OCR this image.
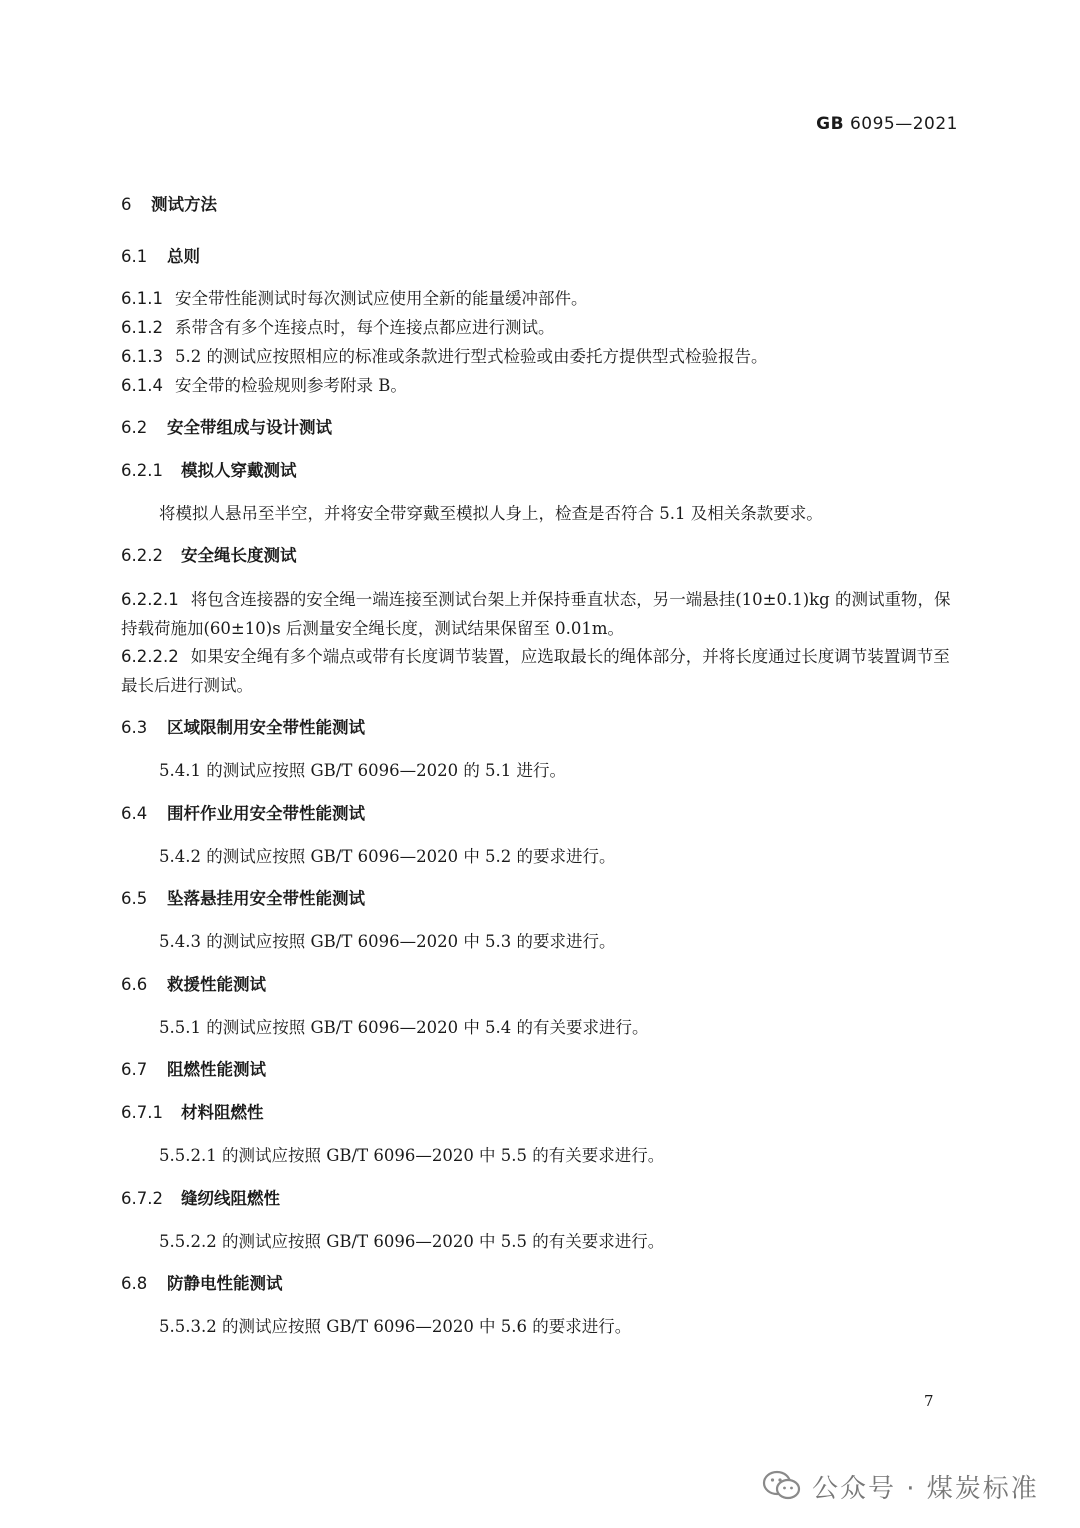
GB 6095—2021
6 测试方法
6.1 总则
6.1.1 安全带性能测试时每次测试应使用全新的能量缓冲部件。
6.1.2 系带含有多个连接点时，每个连接点都应进行测试。
6.1.3 5.2 的测试应按照相应的标准或条款进行型式检验或由委托方提供型式检验报告。
6.1.4 安全带的检验规则参考附录 B。
6.2 安全带组成与设计测试
6.2.1 模拟人穿戴测试
将模拟人悬吊至半空，并将安全带穿戴至模拟人身上，检查是否符合 5.1 及相关条款要求。
6.2.2 安全绳长度测试
6.2.2.1 将包含连接器的安全绳一端连接至测试台架上并保持垂直状态，另一端悬挂(10±0.1)kg 的测试重物，保持载荷施加(60±10)s 后测量安全绳长度，测试结果保留至 0.01m。
6.2.2.2 如果安全绳有多个端点或带有长度调节装置，应选取最长的绳体部分，并将长度通过长度调节装置调节至最长后进行测试。
6.3 区域限制用安全带性能测试
5.4.1 的测试应按照 GB/T 6096—2020 的 5.1 进行。
6.4 围杆作业用安全带性能测试
5.4.2 的测试应按照 GB/T 6096—2020 中 5.2 的要求进行。
6.5 坠落悬挂用安全带性能测试
5.4.3 的测试应按照 GB/T 6096—2020 中 5.3 的要求进行。
6.6 救援性能测试
5.5.1 的测试应按照 GB/T 6096—2020 中 5.4 的有关要求进行。
6.7 阻燃性能测试
6.7.1 材料阻燃性
5.5.2.1 的测试应按照 GB/T 6096—2020 中 5.5 的有关要求进行。
6.7.2 缝纫线阻燃性
5.5.2.2 的测试应按照 GB/T 6096—2020 中 5.5 的有关要求进行。
6.8 防静电性能测试
5.5.3.2 的测试应按照 GB/T 6096—2020 中 5.6 的要求进行。
7
公众号 · 煤炭标准
